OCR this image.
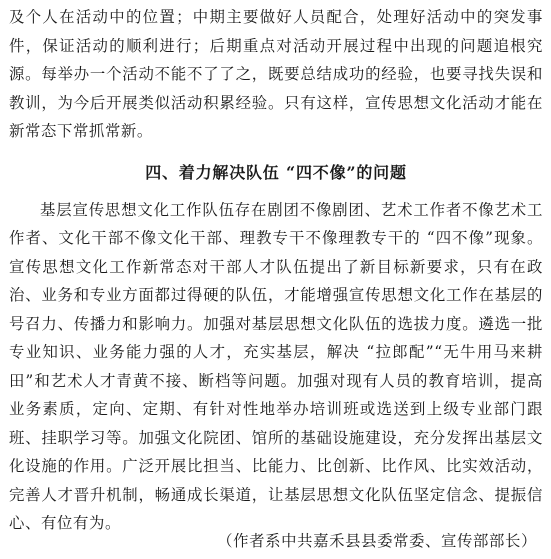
及个人在活动中的位置；中期主要做好人员配合，处理好活动中的突发事件，保证活动的顺利进行；后期重点对活动开展过程中出现的问题追根究源。每举办一个活动不能不了了之，既要总结成功的经验，也要寻找失误和教训，为今后开展类似活动积累经验。只有这样，宣传思想文化活动才能在新常态下常抓常新。

四、着力解决队伍 “四不像”的问题

基层宣传思想文化工作队伍存在剧团不像剧团、艺术工作者不像艺术工作者、文化干部不像文化干部、理教专干不像理教专干的 “四不像”现象。宣传思想文化工作新常态对干部人才队伍提出了新目标新要求，只有在政治、业务和专业方面都过得硬的队伍，才能增强宣传思想文化工作在基层的号召力、传播力和影响力。加强对基层思想文化队伍的选拔力度。遴选一批专业知识、业务能力强的人才，充实基层，解决 “拉郎配”“无牛用马来耕田”和艺术人才青黄不接、断档等问题。加强对现有人员的教育培训，提高业务素质，定向、定期、有针对性地举办培训班或选送到上级专业部门跟班、挂职学习等。加强文化院团、馆所的基础设施建设，充分发挥出基层文化设施的作用。广泛开展比担当、比能力、比创新、比作风、比实效活动，完善人才晋升机制，畅通成长渠道，让基层思想文化队伍坚定信念、提振信心、有位有为。

（作者系中共嘉禾县县委常委、宣传部部长）
